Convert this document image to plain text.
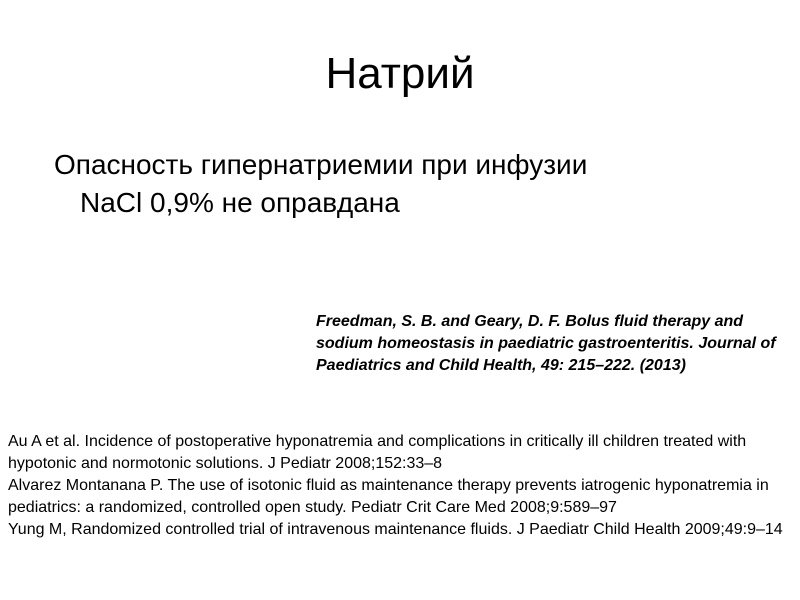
Натрий
Опасность гипернатриемии при инфузии
NaCl 0,9% не оправдана
Freedman, S. B. and Geary, D. F. Bolus fluid therapy and sodium homeostasis in paediatric gastroenteritis. Journal of Paediatrics and Child Health, 49: 215–222. (2013)

Au A et al. Incidence of postoperative hyponatremia and complications in critically ill children treated with hypotonic and normotonic solutions. J Pediatr 2008;152:33–8

Alvarez Montanana P. The use of isotonic fluid as maintenance therapy prevents iatrogenic hyponatremia in pediatrics: a randomized, controlled open study. Pediatr Crit Care Med 2008;9:589–97

Yung M, Randomized controlled trial of intravenous maintenance fluids. J Paediatr Child Health 2009;49:9–14
